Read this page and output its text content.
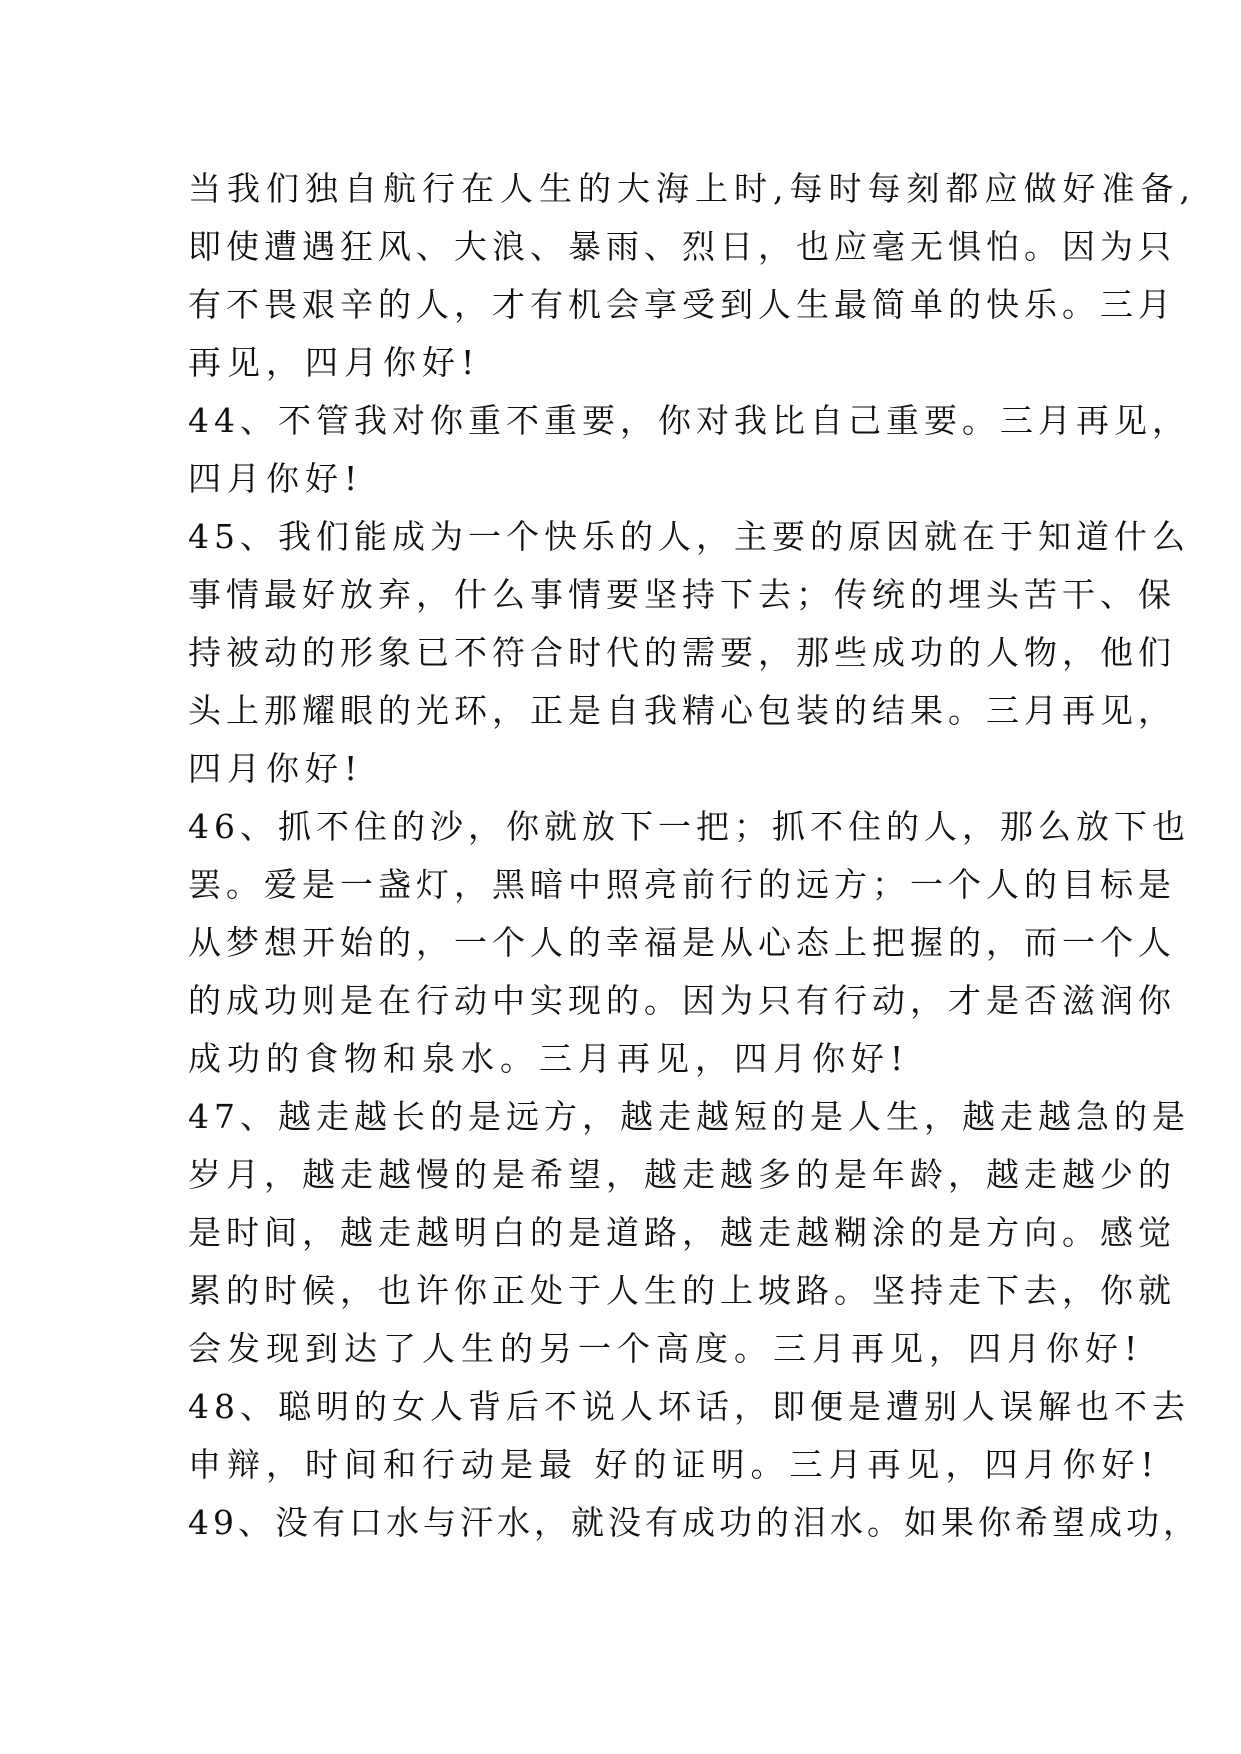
当我们独自航行在人生的大海上时,每时每刻都应做好准备,
即使遭遇狂风、大浪、暴雨、烈日，也应毫无惧怕。因为只
有不畏艰辛的人，才有机会享受到人生最简单的快乐。三月
再见，四月你好!
44、不管我对你重不重要，你对我比自己重要。三月再见，
四月你好!
45、我们能成为一个快乐的人，主要的原因就在于知道什么
事情最好放弃，什么事情要坚持下去；传统的埋头苦干、保
持被动的形象已不符合时代的需要，那些成功的人物，他们
头上那耀眼的光环，正是自我精心包装的结果。三月再见，
四月你好!
46、抓不住的沙，你就放下一把；抓不住的人，那么放下也
罢。爱是一盏灯，黑暗中照亮前行的远方；一个人的目标是
从梦想开始的，一个人的幸福是从心态上把握的，而一个人
的成功则是在行动中实现的。因为只有行动，才是否滋润你
成功的食物和泉水。三月再见，四月你好!
47、越走越长的是远方，越走越短的是人生，越走越急的是
岁月，越走越慢的是希望，越走越多的是年龄，越走越少的
是时间，越走越明白的是道路，越走越糊涂的是方向。感觉
累的时候，也许你正处于人生的上坡路。坚持走下去，你就
会发现到达了人生的另一个高度。三月再见，四月你好!
48、聪明的女人背后不说人坏话，即便是遭别人误解也不去
申辩，时间和行动是最 好的证明。三月再见，四月你好!
49、没有口水与汗水，就没有成功的泪水。如果你希望成功，
